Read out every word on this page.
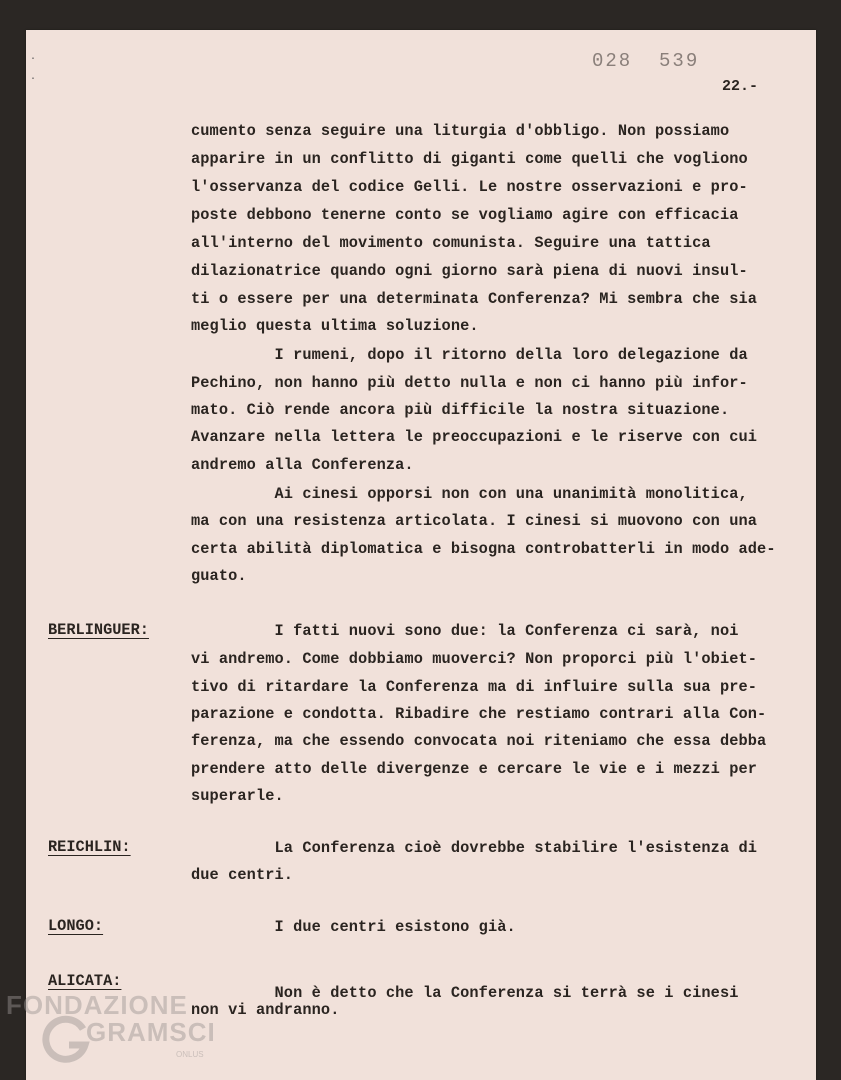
·

·
028  539
22.-
cumento senza seguire una liturgia d'obbligo. Non possiamo
apparire in un conflitto di giganti come quelli che vogliono
l'osservanza del codice Gelli. Le nostre osservazioni e pro-
poste debbono tenerne conto se vogliamo agire con efficacia
all'interno del movimento comunista. Seguire una tattica
dilazionatrice quando ogni giorno sarà piena di nuovi insul-
ti o essere per una determinata Conferenza? Mi sembra che sia
meglio questa ultima soluzione.
I rumeni, dopo il ritorno della loro delegazione da
Pechino, non hanno più detto nulla e non ci hanno più infor-
mato. Ciò rende ancora più difficile la nostra situazione.
Avanzare nella lettera le preoccupazioni e le riserve con cui
andremo alla Conferenza.
Ai cinesi opporsi non con una unanimità monolitica,
ma con una resistenza articolata. I cinesi si muovono con una
certa abilità diplomatica e bisogna controbatterli in modo ade-
guato.
BERLINGUER:	I fatti nuovi sono due: la Conferenza ci sarà, noi
vi andremo. Come dobbiamo muoverci? Non proporci più l'obiet-
tivo di ritardare la Conferenza ma di influire sulla sua pre-
parazione e condotta. Ribadire che restiamo contrari alla Con-
ferenza, ma che essendo convocata noi riteniamo che essa debba
prendere atto delle divergenze e cercare le vie e i mezzi per
superarle.
REICHLIN:	La Conferenza cioè dovrebbe stabilire l'esistenza di
due centri.
LONGO:	I due centri esistono già.
ALICATA:
Non è detto che la Conferenza si terrà se i cinesi
non vi andranno.
FONDAZIONE
GRAMSCI
ONLUS
